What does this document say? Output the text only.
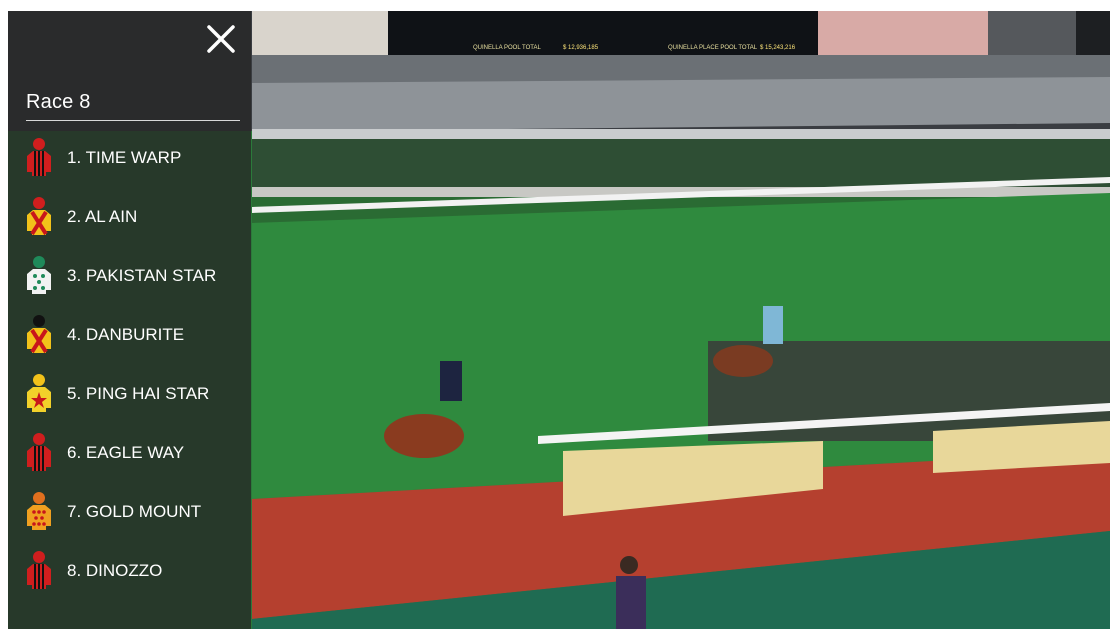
QUINELLA POOL TOTAL	$ 12,936,185	QUINELLA PLACE POOL TOTAL $ 15,243,216
Race 8
1. TIME WARP
2. AL AIN
3. PAKISTAN STAR
4. DANBURITE
5. PING HAI STAR
6. EAGLE WAY
7. GOLD MOUNT
8. DINOZZO
